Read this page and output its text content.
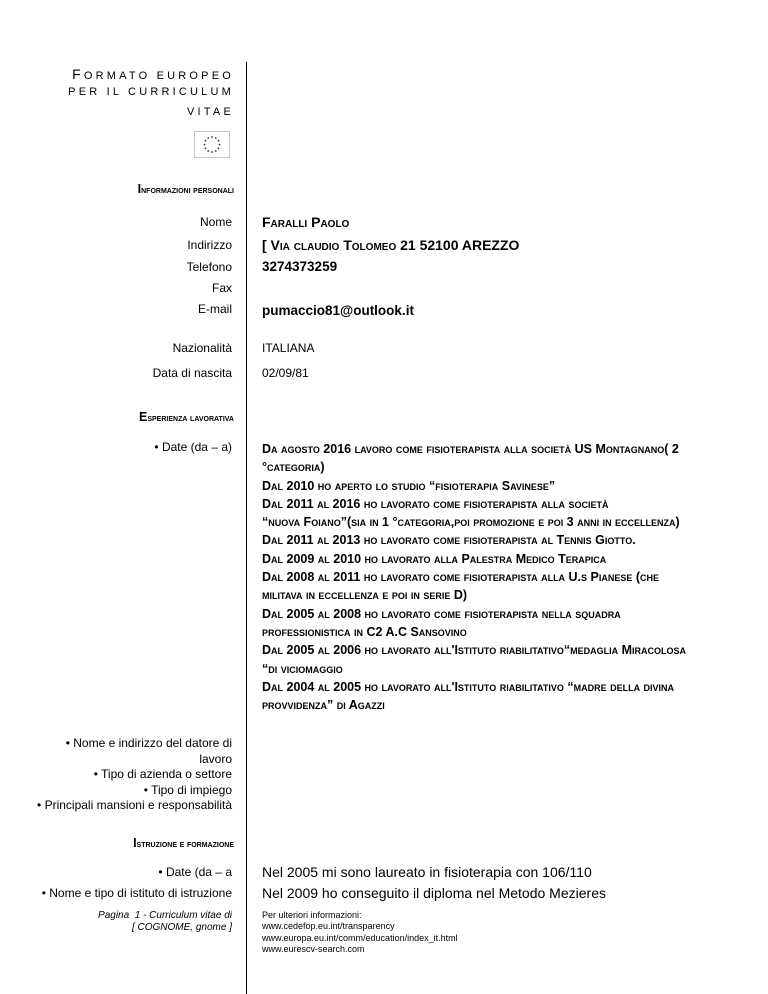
FORMATO EUROPEO
PER IL CURRICULUM
VITAE
Informazioni personali
Nome Faralli Paolo
Indirizzo [ Via claudio Tolomeo 21 52100 AREZZO
Telefono 3274373259
Fax
E-mail pumaccio81@outlook.it
Nazionalità	ITALIANA
Data di nascita	02/09/81
Esperienza lavorativa
• Date (da – a) Da agosto 2016 lavoro come fisioterapista alla società US Montagnano( 2

°categoria)

Dal 2010 ho aperto lo studio “fisioterapia Savinese”

Dal 2011 al 2016 ho lavorato come fisioterapista alla società

“nuova Foiano”(sia in 1 °categoria,poi promozione e poi 3 anni in eccellenza)

Dal 2011 al 2013 ho lavorato come fisioterapista al Tennis Giotto.

Dal 2009 al 2010 ho lavorato alla Palestra Medico Terapica

Dal 2008 al 2011 ho lavorato come fisioterapista alla U.s Pianese (che

militava in eccellenza e poi in serie D)

Dal 2005 al 2008 ho lavorato come fisioterapista nella squadra

professionistica in C2 A.C Sansovino

Dal 2005 al 2006 ho lavorato all'Istituto riabilitativo“medaglia Miracolosa

“di viciomaggio

Dal 2004 al 2005 ho lavorato all'Istituto riabilitativo “madre della divina

provvidenza” di Agazzi

• Nome e indirizzo del datore di
lavoro
• Tipo di azienda o settore
• Tipo di impiego
• Principali mansioni e responsabilità
Istruzione e formazione
• Date (da – a Nel 2005 mi sono laureato in fisioterapia con 106/110
• Nome e tipo di istituto di istruzione Nel 2009 ho conseguito il diploma nel Metodo Mezieres
Pagina 1 - Curriculum vitae di
[ COGNOME, gnome ]
Per ulteriori informazioni:
www.cedefop.eu.int/transparency
www.europa.eu.int/comm/education/index_it.html
www.eurescv-search.com
